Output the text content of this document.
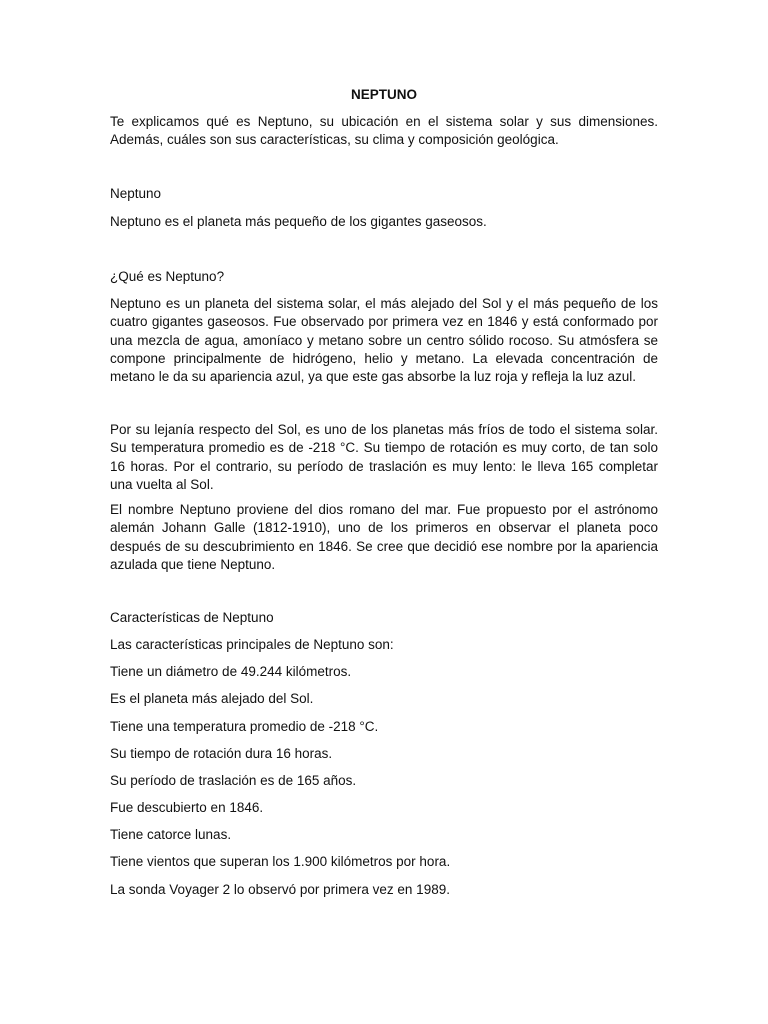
NEPTUNO

Te explicamos qué es Neptuno, su ubicación en el sistema solar y sus dimensiones. Además, cuáles son sus características, su clima y composición geológica.

Neptuno

Neptuno es el planeta más pequeño de los gigantes gaseosos.

¿Qué es Neptuno?

Neptuno es un planeta del sistema solar, el más alejado del Sol y el más pequeño de los cuatro gigantes gaseosos. Fue observado por primera vez en 1846 y está conformado por una mezcla de agua, amoníaco y metano sobre un centro sólido rocoso. Su atmósfera se compone principalmente de hidrógeno, helio y metano. La elevada concentración de metano le da su apariencia azul, ya que este gas absorbe la luz roja y refleja la luz azul.

Por su lejanía respecto del Sol, es uno de los planetas más fríos de todo el sistema solar. Su temperatura promedio es de -218 °C. Su tiempo de rotación es muy corto, de tan solo 16 horas. Por el contrario, su período de traslación es muy lento: le lleva 165 completar una vuelta al Sol.

El nombre Neptuno proviene del dios romano del mar. Fue propuesto por el astrónomo alemán Johann Galle (1812-1910), uno de los primeros en observar el planeta poco después de su descubrimiento en 1846. Se cree que decidió ese nombre por la apariencia azulada que tiene Neptuno.

Características de Neptuno
Las características principales de Neptuno son:
Tiene un diámetro de 49.244 kilómetros.
Es el planeta más alejado del Sol.
Tiene una temperatura promedio de -218 °C.
Su tiempo de rotación dura 16 horas.
Su período de traslación es de 165 años.
Fue descubierto en 1846.
Tiene catorce lunas.
Tiene vientos que superan los 1.900 kilómetros por hora.
La sonda Voyager 2 lo observó por primera vez en 1989.
